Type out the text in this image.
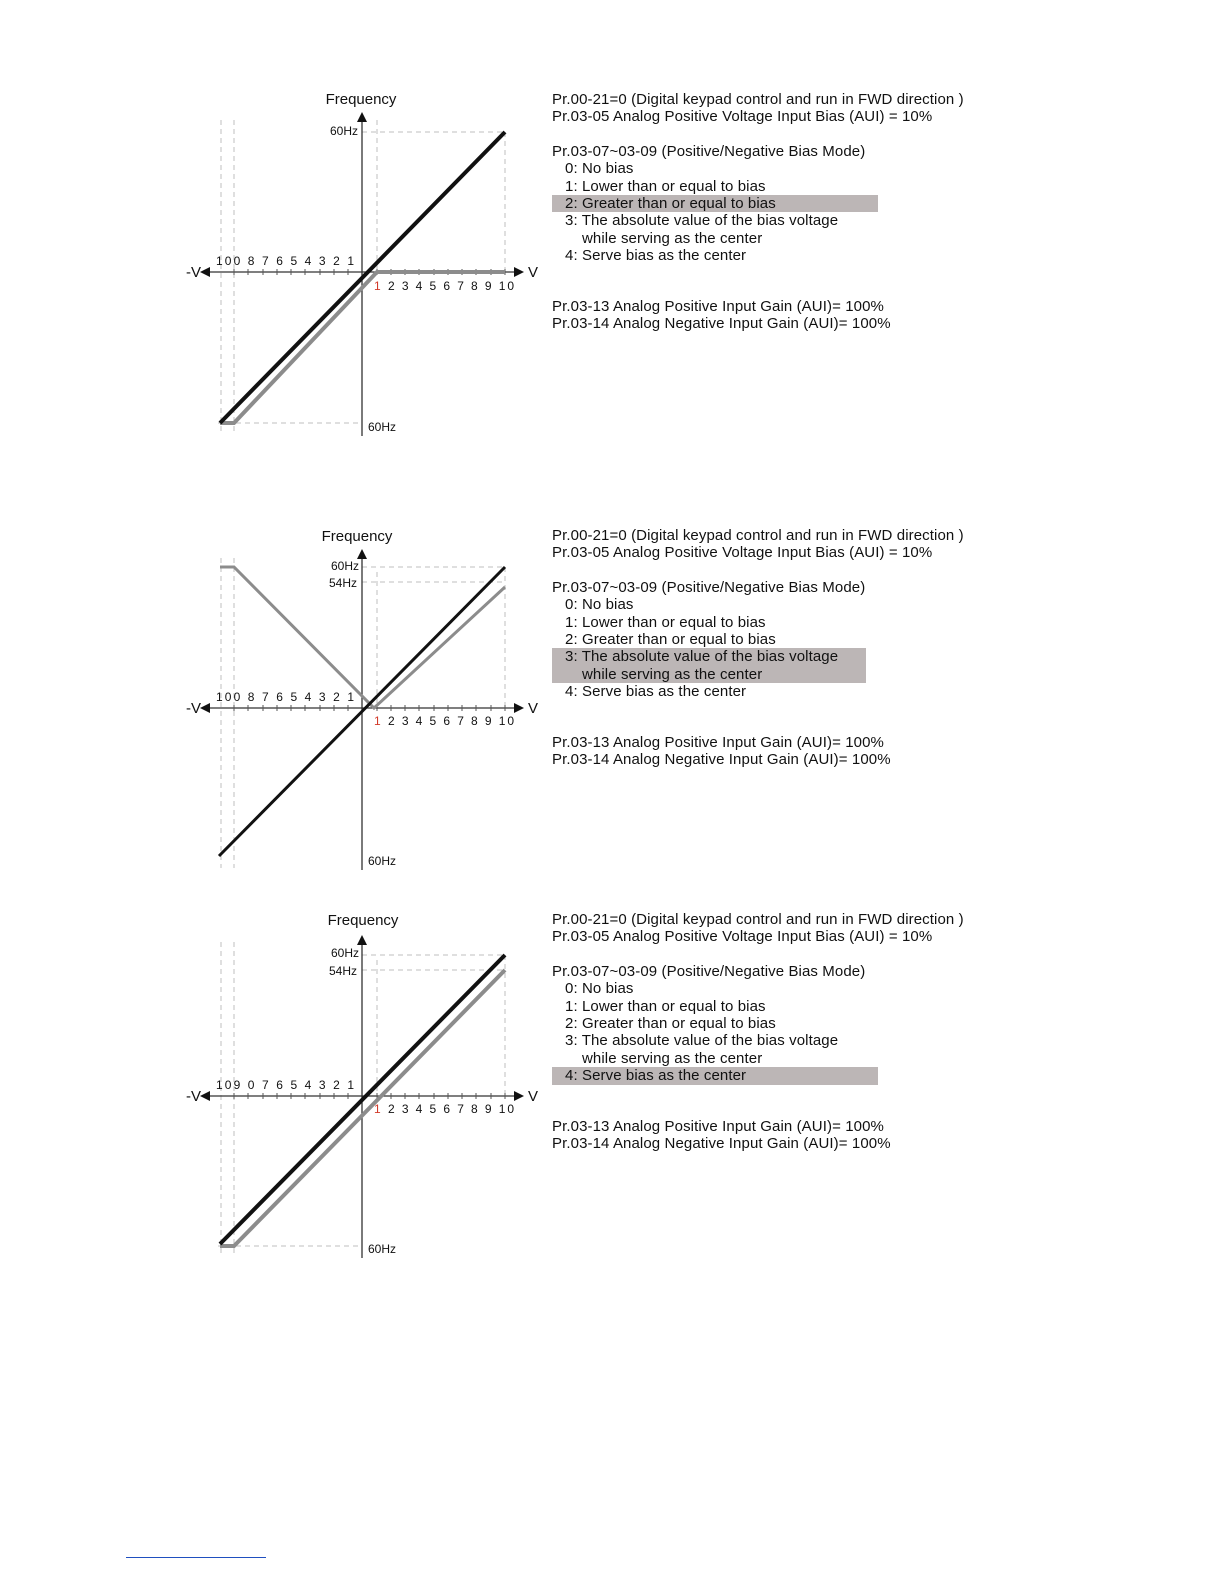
Frequency
60Hz
60Hz
-V	V
100 8 7 6 5 4 3 2 1
1 2 3 4 5 6 7 8 9 10
Pr.00-21=0 (Digital keypad control and run in FWD direction )
Pr.03-05 Analog Positive Voltage Input Bias (AUI) = 10%
Pr.03-07~03-09 (Positive/Negative Bias Mode)
0: No bias
1: Lower than or equal to bias
2: Greater than or equal to bias
3: The absolute value of the bias voltage
while serving as the center
4: Serve bias as the center
Pr.03-13 Analog Positive Input Gain (AUI)= 100%
Pr.03-14 Analog Negative Input Gain (AUI)= 100%
Frequency
60Hz
54Hz
60Hz
-V	V
100 8 7 6 5 4 3 2 1
1 2 3 4 5 6 7 8 9 10
Pr.00-21=0 (Digital keypad control and run in FWD direction )
Pr.03-05 Analog Positive Voltage Input Bias (AUI) = 10%
Pr.03-07~03-09 (Positive/Negative Bias Mode)
0: No bias
1: Lower than or equal to bias
2: Greater than or equal to bias
3: The absolute value of the bias voltage
while serving as the center
4: Serve bias as the center
Pr.03-13 Analog Positive Input Gain (AUI)= 100%
Pr.03-14 Analog Negative Input Gain (AUI)= 100%
Frequency
60Hz
54Hz
60Hz
-V	V
109 0 7 6 5 4 3 2 1
1 2 3 4 5 6 7 8 9 10
Pr.00-21=0 (Digital keypad control and run in FWD direction )
Pr.03-05 Analog Positive Voltage Input Bias (AUI) = 10%
Pr.03-07~03-09 (Positive/Negative Bias Mode)
0: No bias
1: Lower than or equal to bias
2: Greater than or equal to bias
3: The absolute value of the bias voltage
while serving as the center
4: Serve bias as the center
Pr.03-13 Analog Positive Input Gain (AUI)= 100%
Pr.03-14 Analog Negative Input Gain (AUI)= 100%
